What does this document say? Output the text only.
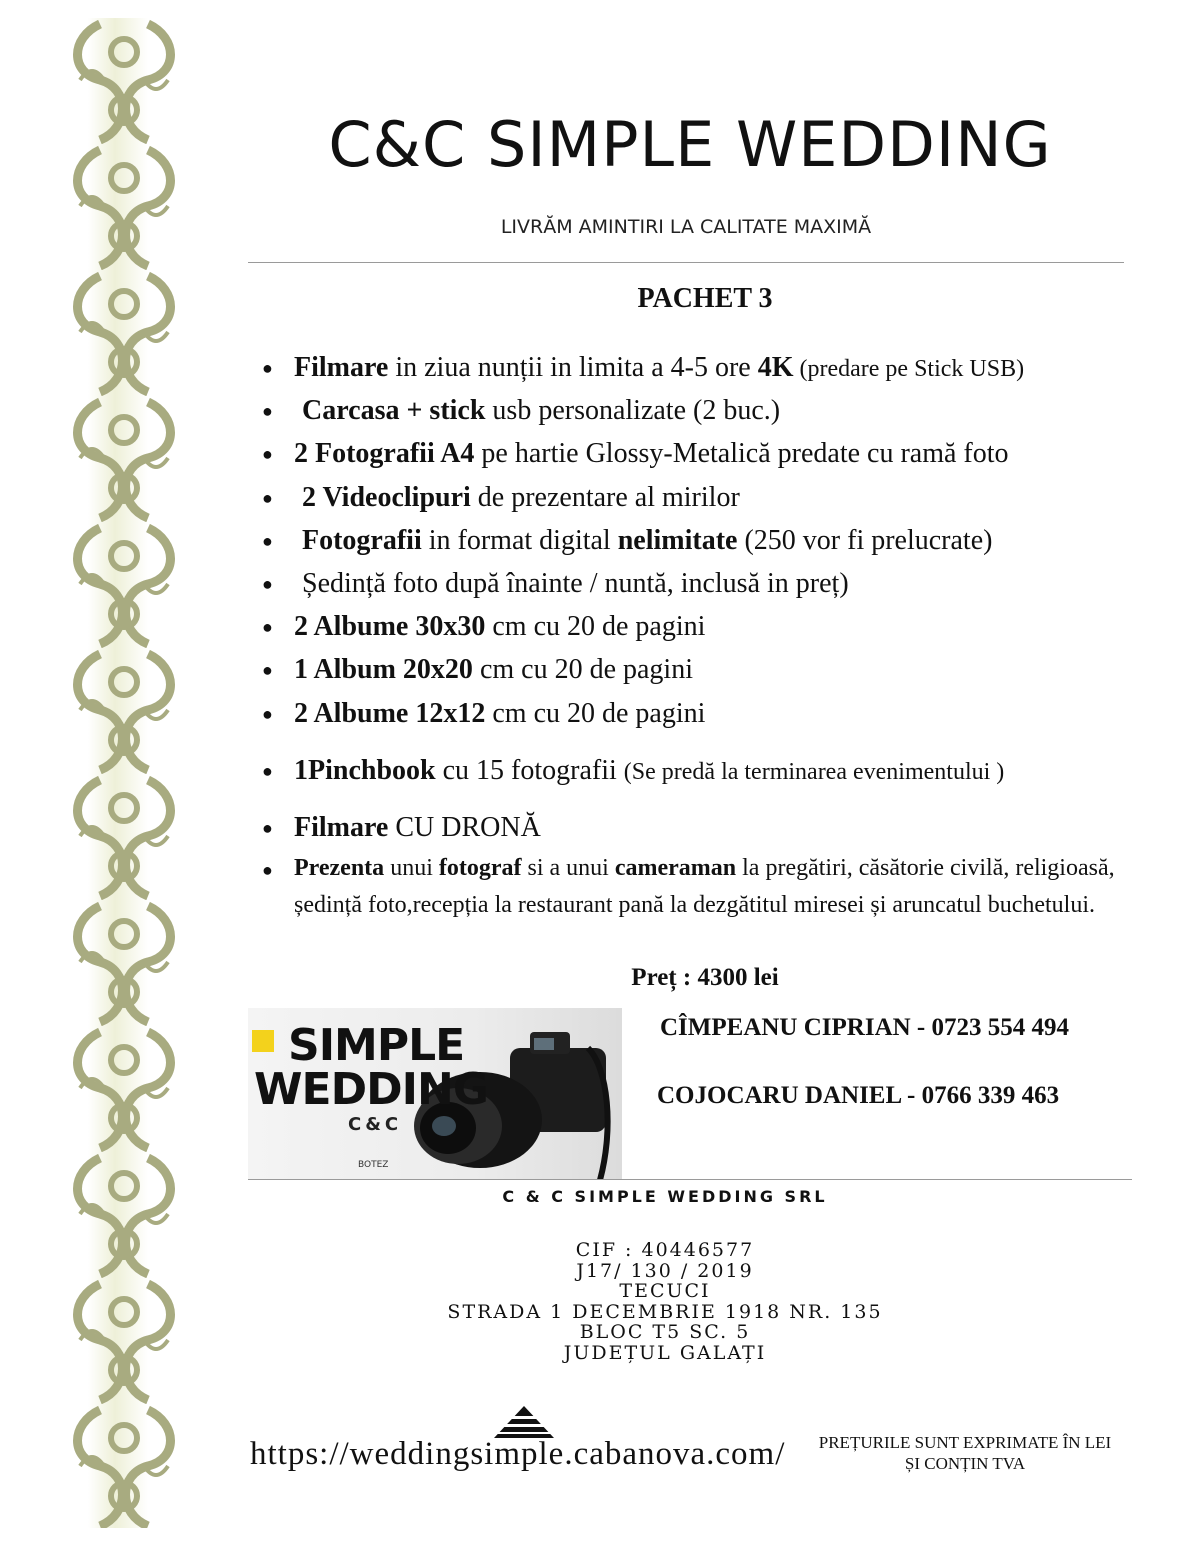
C&C SIMPLE WEDDING
LIVRĂM AMINTIRI LA CALITATE MAXIMĂ
PACHET 3
● Filmare in ziua nunții in limita a 4-5 ore 4K (predare pe Stick USB)
●	Carcasa + stick usb personalizate (2 buc.)
● 2 Fotografii A4 pe hartie Glossy-Metalică predate cu ramă foto
●	2 Videoclipuri de prezentare al mirilor
●	Fotografii in format digital nelimitate (250 vor fi prelucrate)
●	Ședință foto după înainte / nuntă, inclusă in preț)
● 2 Albume 30x30 cm cu 20 de pagini
● 1 Album 20x20 cm cu 20 de pagini
● 2 Albume 12x12 cm cu 20 de pagini
● 1Pinchbook cu 15 fotografii (Se predă la terminarea evenimentului )
● Filmare CU DRONĂ
● Prezenta unui fotograf si a unui cameraman la pregătiri, căsătorie civilă, religioasă, ședință foto,recepția la restaurant pană la dezgătitul miresei și aruncatul buchetului.
Preț : 4300 lei
SIMPLE
WEDDING
C&C
BOTEZ
CÎMPEANU CIPRIAN - 0723 554 494
COJOCARU DANIEL - 0766 339 463
C & C SIMPLE WEDDING SRL
CIF : 40446577
J17/ 130 / 2019
TECUCI
STRADA 1 DECEMBRIE 1918 NR. 135
BLOC T5 SC. 5
JUDEȚUL GALAȚI
https://weddingsimple.cabanova.com/	PREȚURILE SUNT EXPRIMATE ÎN LEI
ȘI CONȚIN TVA
